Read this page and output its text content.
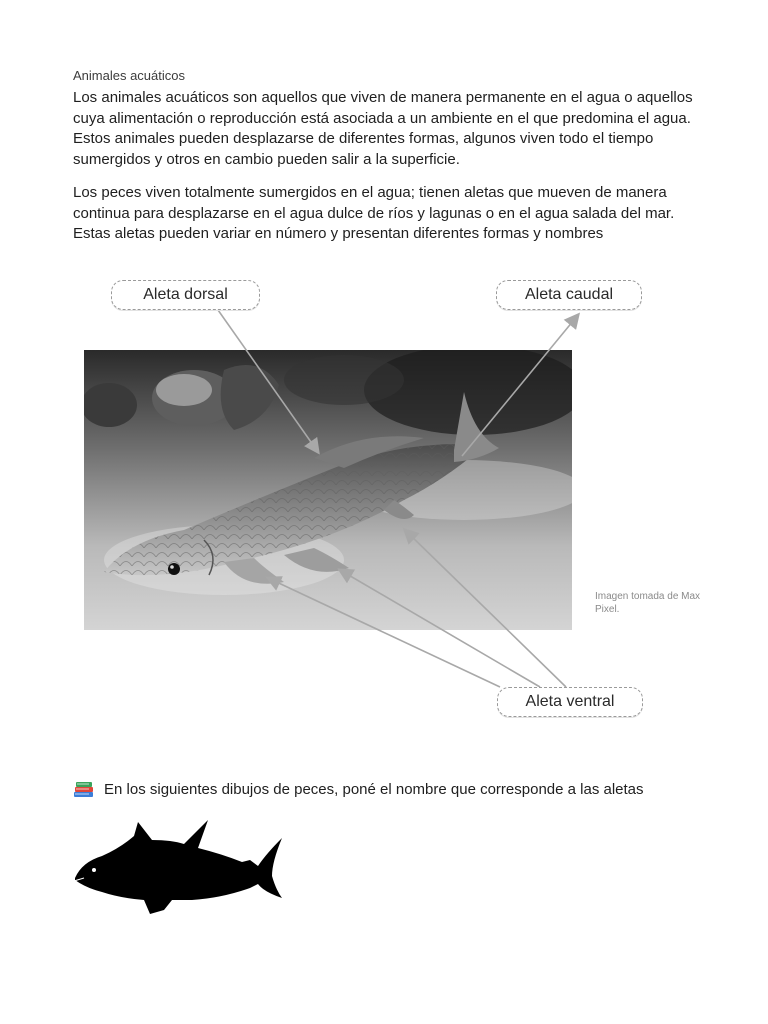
Animales acuáticos

Los animales acuáticos son aquellos que viven de manera permanente en el agua o aquellos cuya alimentación o reproducción está asociada a un ambiente en el que predomina el agua. Estos animales pueden desplazarse de diferentes formas, algunos viven todo el tiempo sumergidos y otros en cambio pueden salir a la superficie.

Los peces viven totalmente sumergidos en el agua; tienen aletas que mueven de manera continua para desplazarse en el agua dulce de ríos y lagunas o en el agua salada del mar. Estas aletas pueden variar en número y presentan diferentes formas y nombres

Aleta dorsal	Aleta caudal
Aleta ventral
Imagen tomada de Max Pixel.
En los siguientes dibujos de peces, poné el nombre que corresponde a las aletas
